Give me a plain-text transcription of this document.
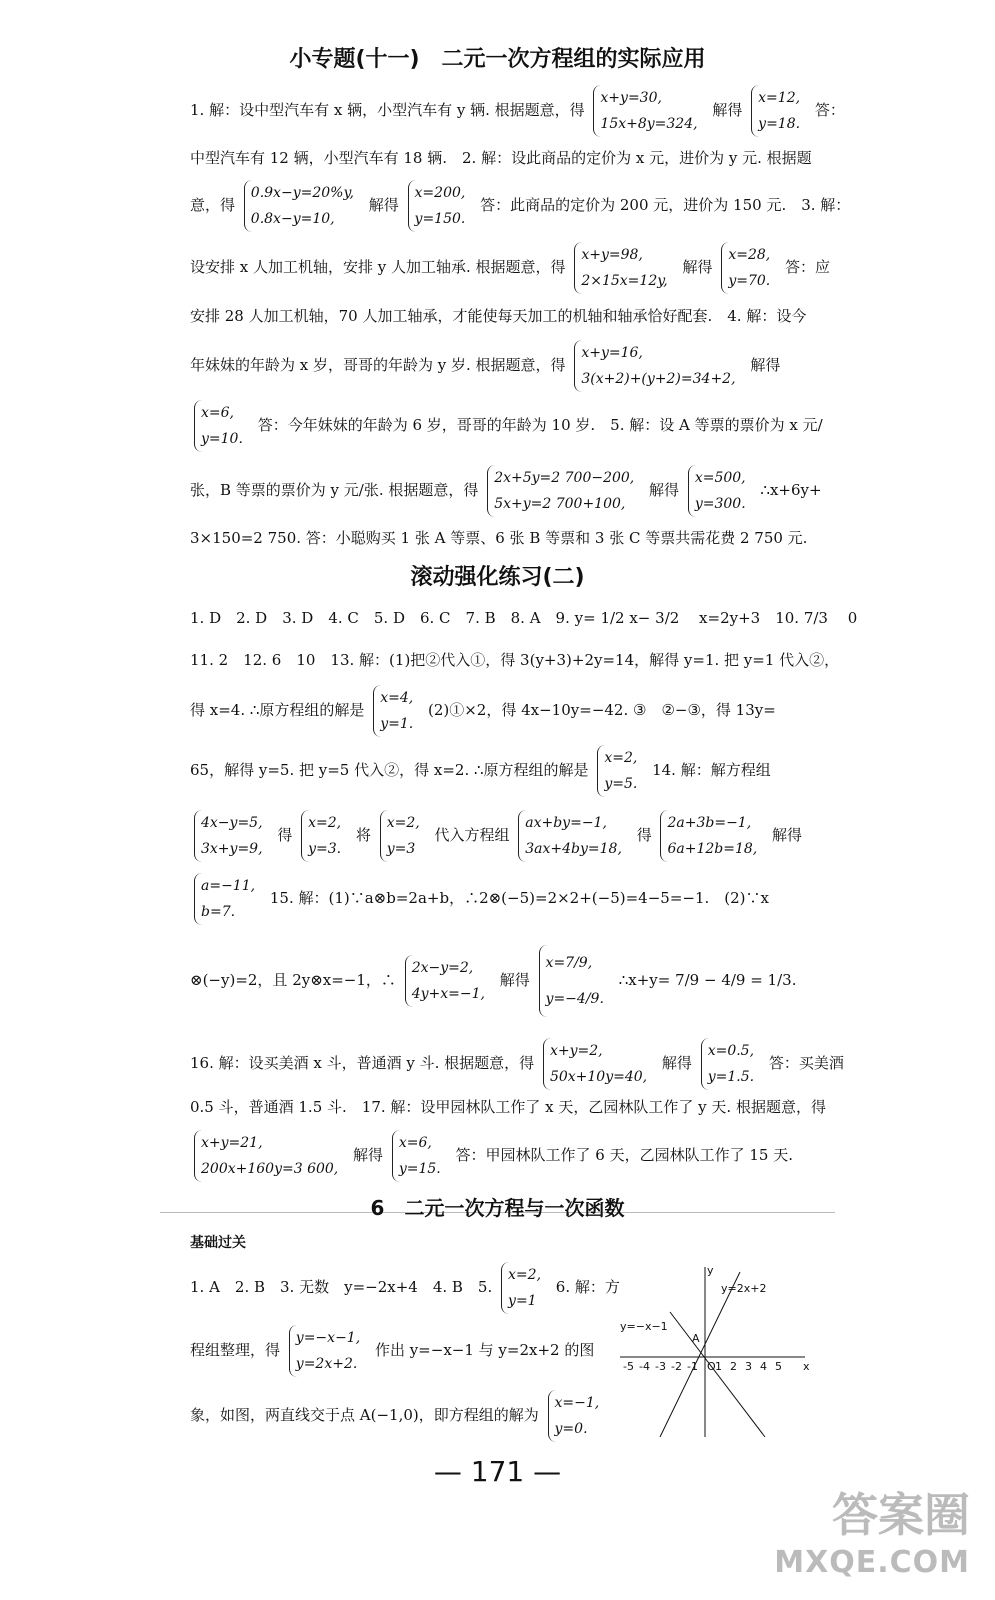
小专题(十一)　二元一次方程组的实际应用
1. 解：设中型汽车有 x 辆，小型汽车有 y 辆. 根据题意，得
x+y=30,
15x+8y=324,
解得
x=12,
y=18.
答：
中型汽车有 12 辆，小型汽车有 18 辆.　2. 解：设此商品的定价为 x 元，进价为 y 元. 根据题
意，得
0.9x−y=20%y,
0.8x−y=10,
解得
x=200,
y=150.
答：此商品的定价为 200 元，进价为 150 元.　3. 解：
设安排 x 人加工机轴，安排 y 人加工轴承. 根据题意，得
x+y=98,
2×15x=12y,
解得
x=28,
y=70.
答：应
安排 28 人加工机轴，70 人加工轴承，才能使每天加工的机轴和轴承恰好配套.　4. 解：设今
年妹妹的年龄为 x 岁，哥哥的年龄为 y 岁. 根据题意，得
x+y=16,
3(x+2)+(y+2)=34+2,
解得
x=6,
y=10.
答：今年妹妹的年龄为 6 岁，哥哥的年龄为 10 岁.　5. 解：设 A 等票的票价为 x 元/
张，B 等票的票价为 y 元/张. 根据题意，得
2x+5y=2 700−200,
5x+y=2 700+100,
解得
x=500,
y=300.
∴x+6y+
3×150=2 750. 答：小聪购买 1 张 A 等票、6 张 B 等票和 3 张 C 等票共需花费 2 750 元.
滚动强化练习(二)
1. D　2. D　3. D　4. C　5. D　6. C　7. B　8. A　9. y= 1/2 x− 3/2 　x=2y+3　10. 7/3 　0
11. 2　12. 6　10　13. 解：(1)把②代入①，得 3(y+3)+2y=14，解得 y=1. 把 y=1 代入②，
得 x=4. ∴原方程组的解是
x=4,
y=1.
(2)①×2，得 4x−10y=−42. ③　②−③，得 13y=
65，解得 y=5. 把 y=5 代入②，得 x=2. ∴原方程组的解是
x=2,
y=5.
14. 解：解方程组
4x−y=5,
3x+y=9,
得
x=2,
y=3.
将
x=2,
y=3
代入方程组
ax+by=−1,
3ax+4by=18,
得
2a+3b=−1,
6a+12b=18,
解得
a=−11,
b=7.
15. 解：(1)∵a⊗b=2a+b，∴2⊗(−5)=2×2+(−5)=4−5=−1.　(2)∵x
⊗(−y)=2，且 2y⊗x=−1，∴
2x−y=2,
4y+x=−1,
解得
x=7/9,
y=−4/9.
∴x+y= 7/9 − 4/9 = 1/3.
16. 解：设买美酒 x 斗，普通酒 y 斗. 根据题意，得
x+y=2,
50x+10y=40,
解得
x=0.5,
y=1.5.
答：买美酒
0.5 斗，普通酒 1.5 斗.　17. 解：设甲园林队工作了 x 天，乙园林队工作了 y 天. 根据题意，得
x+y=21,
200x+160y=3 600,
解得
x=6,
y=15.
答：甲园林队工作了 6 天，乙园林队工作了 15 天.
6　二元一次方程与一次函数
基础过关
1. A　2. B　3. 无数　y=−2x+4　4. B　5.
x=2,
y=1
6. 解：方
程组整理，得
y=−x−1,
y=2x+2.
作出 y=−x−1 与 y=2x+2 的图
象，如图，两直线交于点 A(−1,0)，即方程组的解为
x=−1,
y=0.
y=2x+2
y=−x−1
A
O	x
y
1 2 3 4 5
-1
-2
-3
-4
-5
— 171 —
答案圈
MXQE.COM
